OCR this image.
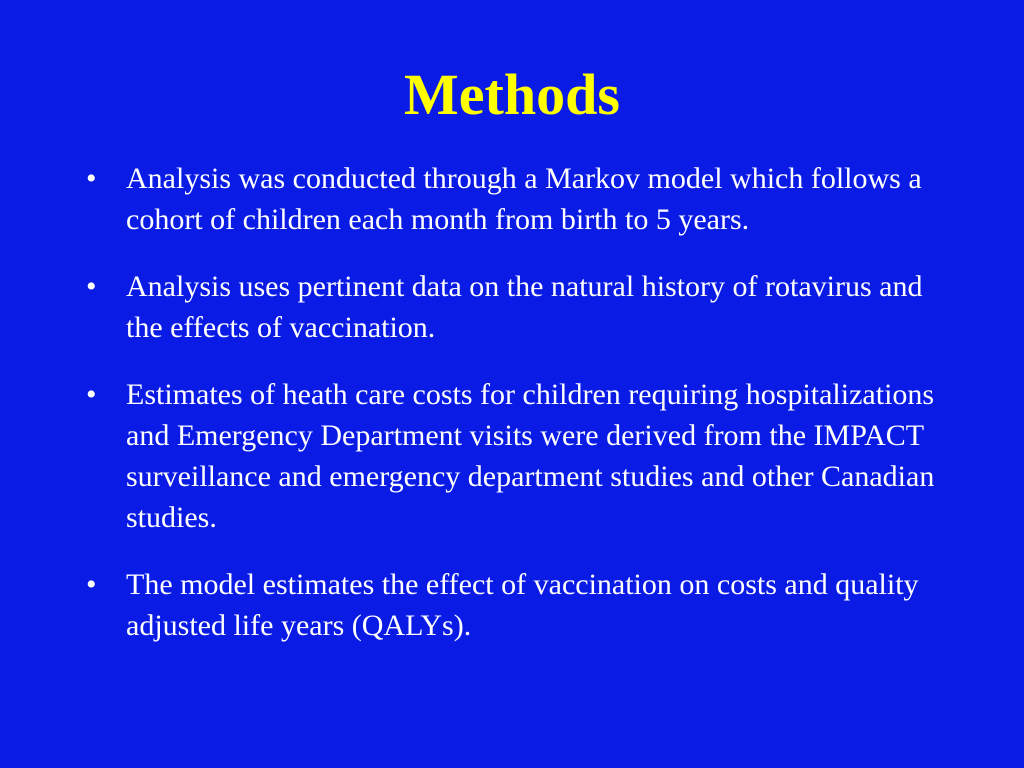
Methods
• Analysis was conducted through a Markov model which follows a cohort of children each month from birth to 5 years.
• Analysis uses pertinent data on the natural history of rotavirus and the effects of vaccination.
• Estimates of heath care costs for children requiring hospitalizations and Emergency Department visits were derived from the IMPACT surveillance and emergency department studies and other Canadian studies.
• The model estimates the effect of vaccination on costs and quality adjusted life years (QALYs).
